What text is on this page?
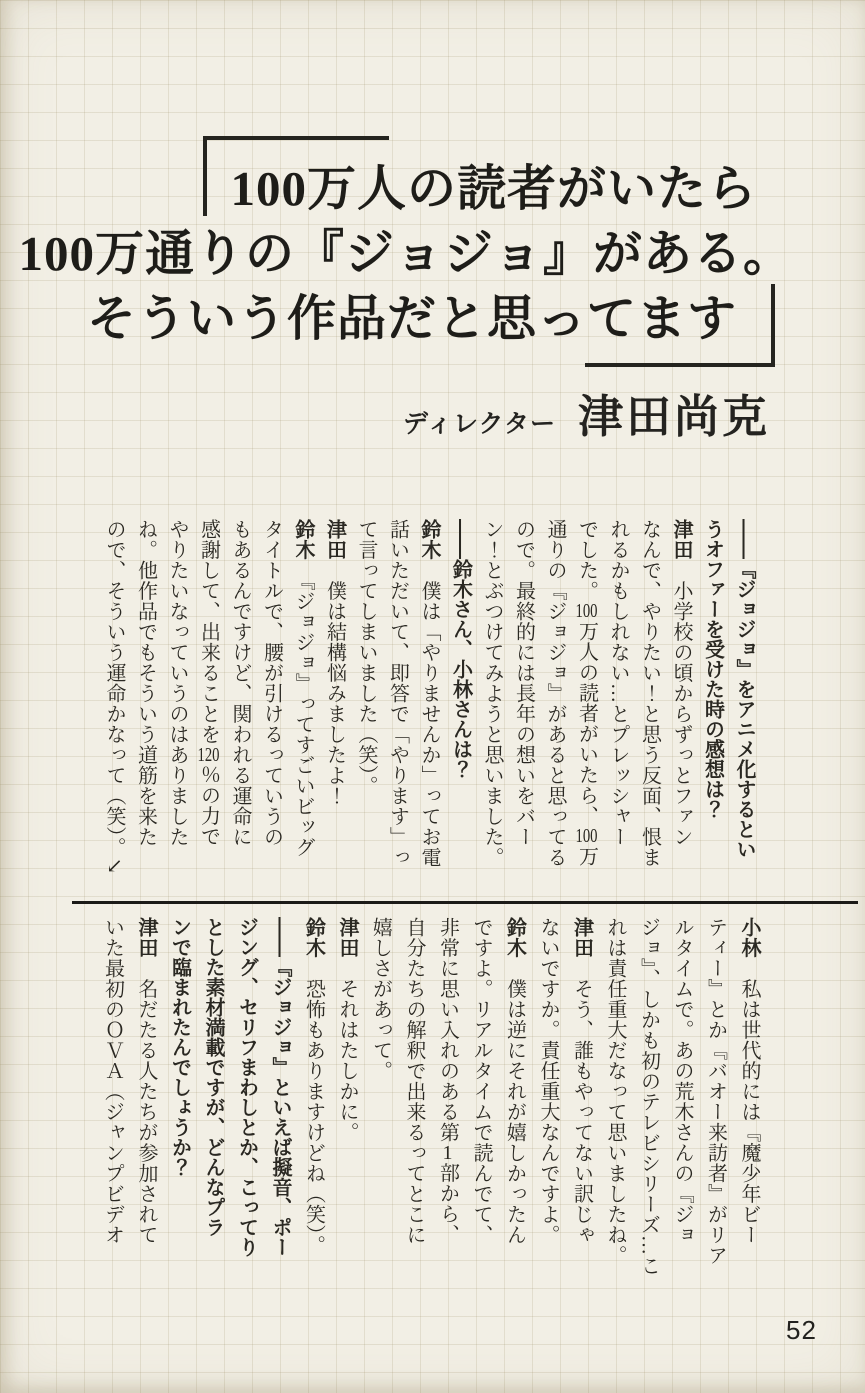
100万人の読者がいたら
100万通りの『ジョジョ』がある。
そういう作品だと思ってます
ディレクター 津田尚克
――『ジョジョ』をアニメ化するとい
うオファーを受けた時の感想は？
津田　小学校の頃からずっとファン
なんで、やりたい！と思う反面、恨ま
れるかもしれない…とプレッシャー
でした。100万人の読者がいたら、100万
通りの『ジョジョ』があると思ってる
ので。最終的には長年の想いをバー
ン！とぶつけてみようと思いました。
――鈴木さん、小林さんは？
鈴木　僕は「やりませんか」ってお電
話いただいて、即答で「やります」っ
て言ってしまいました（笑）。
津田　僕は結構悩みましたよ！
鈴木　『ジョジョ』ってすごいビッグ
タイトルで、腰が引けるっていうの
もあるんですけど、関われる運命に
感謝して、出来ることを120％の力で
やりたいなっていうのはありました
ね。他作品でもそういう道筋を来た
ので、そういう運命かなって（笑）。↘
小林　私は世代的には『魔少年ビー
ティー』とか『バオー来訪者』がリア
ルタイムで。あの荒木さんの『ジョ
ジョ』、しかも初のテレビシリーズ…こ
れは責任重大だなって思いましたね。
津田　そう、誰もやってない訳じゃ
ないですか。責任重大なんですよ。
鈴木　僕は逆にそれが嬉しかったん
ですよ。リアルタイムで読んでて、
非常に思い入れのある第1部から、
自分たちの解釈で出来るってとこに
嬉しさがあって。
津田　それはたしかに。
鈴木　恐怖もありますけどね（笑）。
――『ジョジョ』といえば擬音、ポー
ジング、セリフまわしとか、こってり
とした素材満載ですが、どんなプラ
ンで臨まれたんでしょうか？
津田　名だたる人たちが参加されて
いた最初のＯＶＡ（ジャンプビデオ
52
